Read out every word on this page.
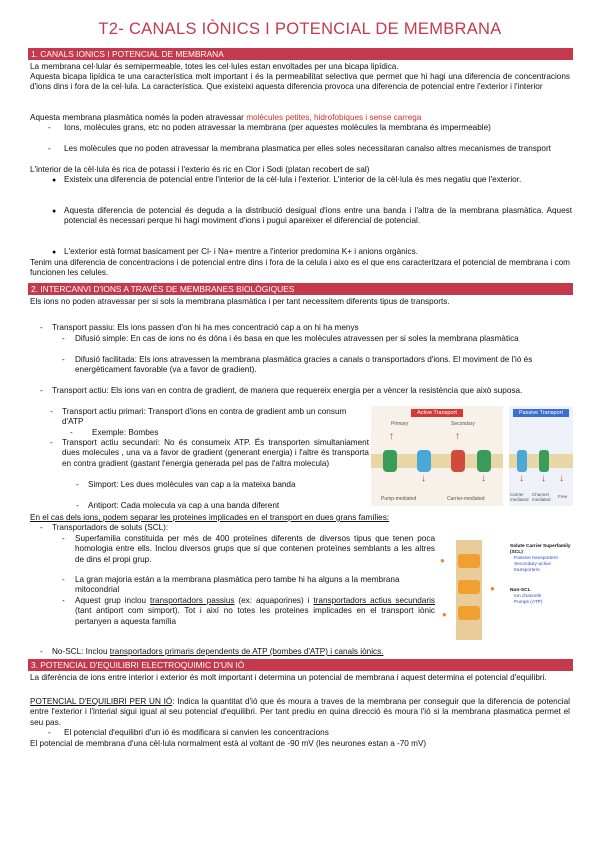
T2- CANALS IÒNICS I POTENCIAL DE MEMBRANA
1. CANALS IONICS I POTENCIAL DE MEMBRANA

La membrana cel·lular és semipermeable, totes les cel·lules estan envoltades per una bicapa lipídica.

Aquesta bicapa lipídica te una característica molt important i és la permeabilitat selectiva que permet que hi hagi una diferencia de concentracions d'ions dins i fora de la cel·lula. La característica. Que existeixi aquesta diferencia provoca una diferencia de potencial entre l'exterior i l'interior

Aquesta membrana plasmàtica només la poden atravessar molècules petites, hidrofobiques i sense carrega

- Ions, molècules grans, etc no poden atravessar la membrana (per aquestes molècules la membrana és impermeable)

- Les molècules que no poden atravessar la membrana plasmatica per elles soles necessitaran canalso altres mecanismes de transport

L'interior de la cèl·lula és rica de potassi i l'exterio és ric en Clor i Sodi (platan recobert de sal)

● Existeix una diferencia de potencial entre l'interior de la cèl·lula i l'exterior. L'interior de la cèl·lula és mes negatiu que l'exterior.

● Aquesta diferencia de potencial és deguda a la distribució desigual d'ions entre una banda i l'altra de la membrana plasmàtica. Aquest potencial és necessari perque hi hagi moviment d'ions i pugui apareixer el diferencial de potencial.

● L'exterior està format basicament per Cl- i Na+ mentre a l'interior predomina K+ i anions orgànics.

Tenim una diferencia de concentracions i de potencial entre dins i fora de la celula i aixo es el que ens caracteritzara el potencial de membrana i com funcionen les celules.

2. INTERCANVI D'IONS A TRAVÉS DE MEMBRANES BIOLÒGIQUES

Els ions no poden atravessar per si sols la membrana plasmàtica i per tant necessitem diferents tipus de transports.

- Transport passiu: Els ions passen d'on hi ha mes concentració cap a on hi ha menys

- Difusió simple: En cas de ions no és dóna i és basa en que les molècules atravessen per si soles la membrana plasmàtica

- Difusió facilitada: Els ions atravessen la membrana plasmàtica gracies a canals o transportadors d'ions. El moviment de l'ió és energèticament favorable (va a favor de gradient).

- Transport actiu: Els ions van en contra de gradient, de manera que requereix energia per a vèncer la resistència que això suposa.

- Transport actiu primari: Transport d'ions en contra de gradient amb un consum d'ATP

- Exemple: Bombes

- Transport actiu secundari: No és consumeix ATP. És transporten simultaniament dues molecules , una va a favor de gradient (generant energia) i l'altre és transporta en contra gradient (gastant l'energia generada pel pas de l'altra molecula)

- Simport: Les dues molècules van cap a la mateixa banda

- Antiport: Cada molecula va cap a una banda diferent

Active Transport
Primary	Secondary
↑
↓
↑
↓
Pump-mediated	Carrier-mediated
Passive Transport
↓ ↓ ↓
Carrier mediated
Channel mediated
Free

En el cas dels ions, podem separar les proteines implicades en el transport en dues grans famílies:

- Transportadors de soluts (SCL):

- Superfamilia constituida per més de 400 proteïnes diferents de diversos tipus que tenen poca homologia entre ells. Inclou diversos grups que sí que contenen proteïnes semblants a les altres de dins el propi grup.

- La gran majoria están a la membrana plasmàtica pero tambe hi ha alguns a la membrana mitocondrial

- Aquest grup inclou transportadors passius (ex: aquaporines) i transportadors actius secundaris (tant antiport com simport). Tot i així no totes les proteines implicades en el transport iònic pertanyen a aquesta família

- No-SCL: Inclou transportadors primaris dependents de ATP (bombes d'ATP) i canals iònics.

●
●
●
Solute Carrier Superfamily (SCL)
Passive transporters
Secondary-active transporters
Non-SCL
Ion channels
Pumps (ATP)
3. POTENCIAL D'EQUILIBRI ELECTROQUIMIC D'UN IÓ

La diferència de ions entre interior i exterior és molt important i determina un potencial de membrana i aquest determina el potencial d'equilibri.

POTENCIAL D'EQUILIBRI PER UN IÓ: Indica la quantitat d'ió que és moura a traves de la membrana per conseguir que la diferencia de potencial entre l'exterior i l'interial sigui igual al seu potencial d'equilibri. Per tant prediu en quina direcció és moura l'ió si la membrana plasmatica permet el seu pas.

- El potencial d'equilibri d'un ió és modificara si canvien les concentracions

El potencial de membrana d'una cèl·lula normalment està al voltant de -90 mV (les neurones estan a -70 mV)
